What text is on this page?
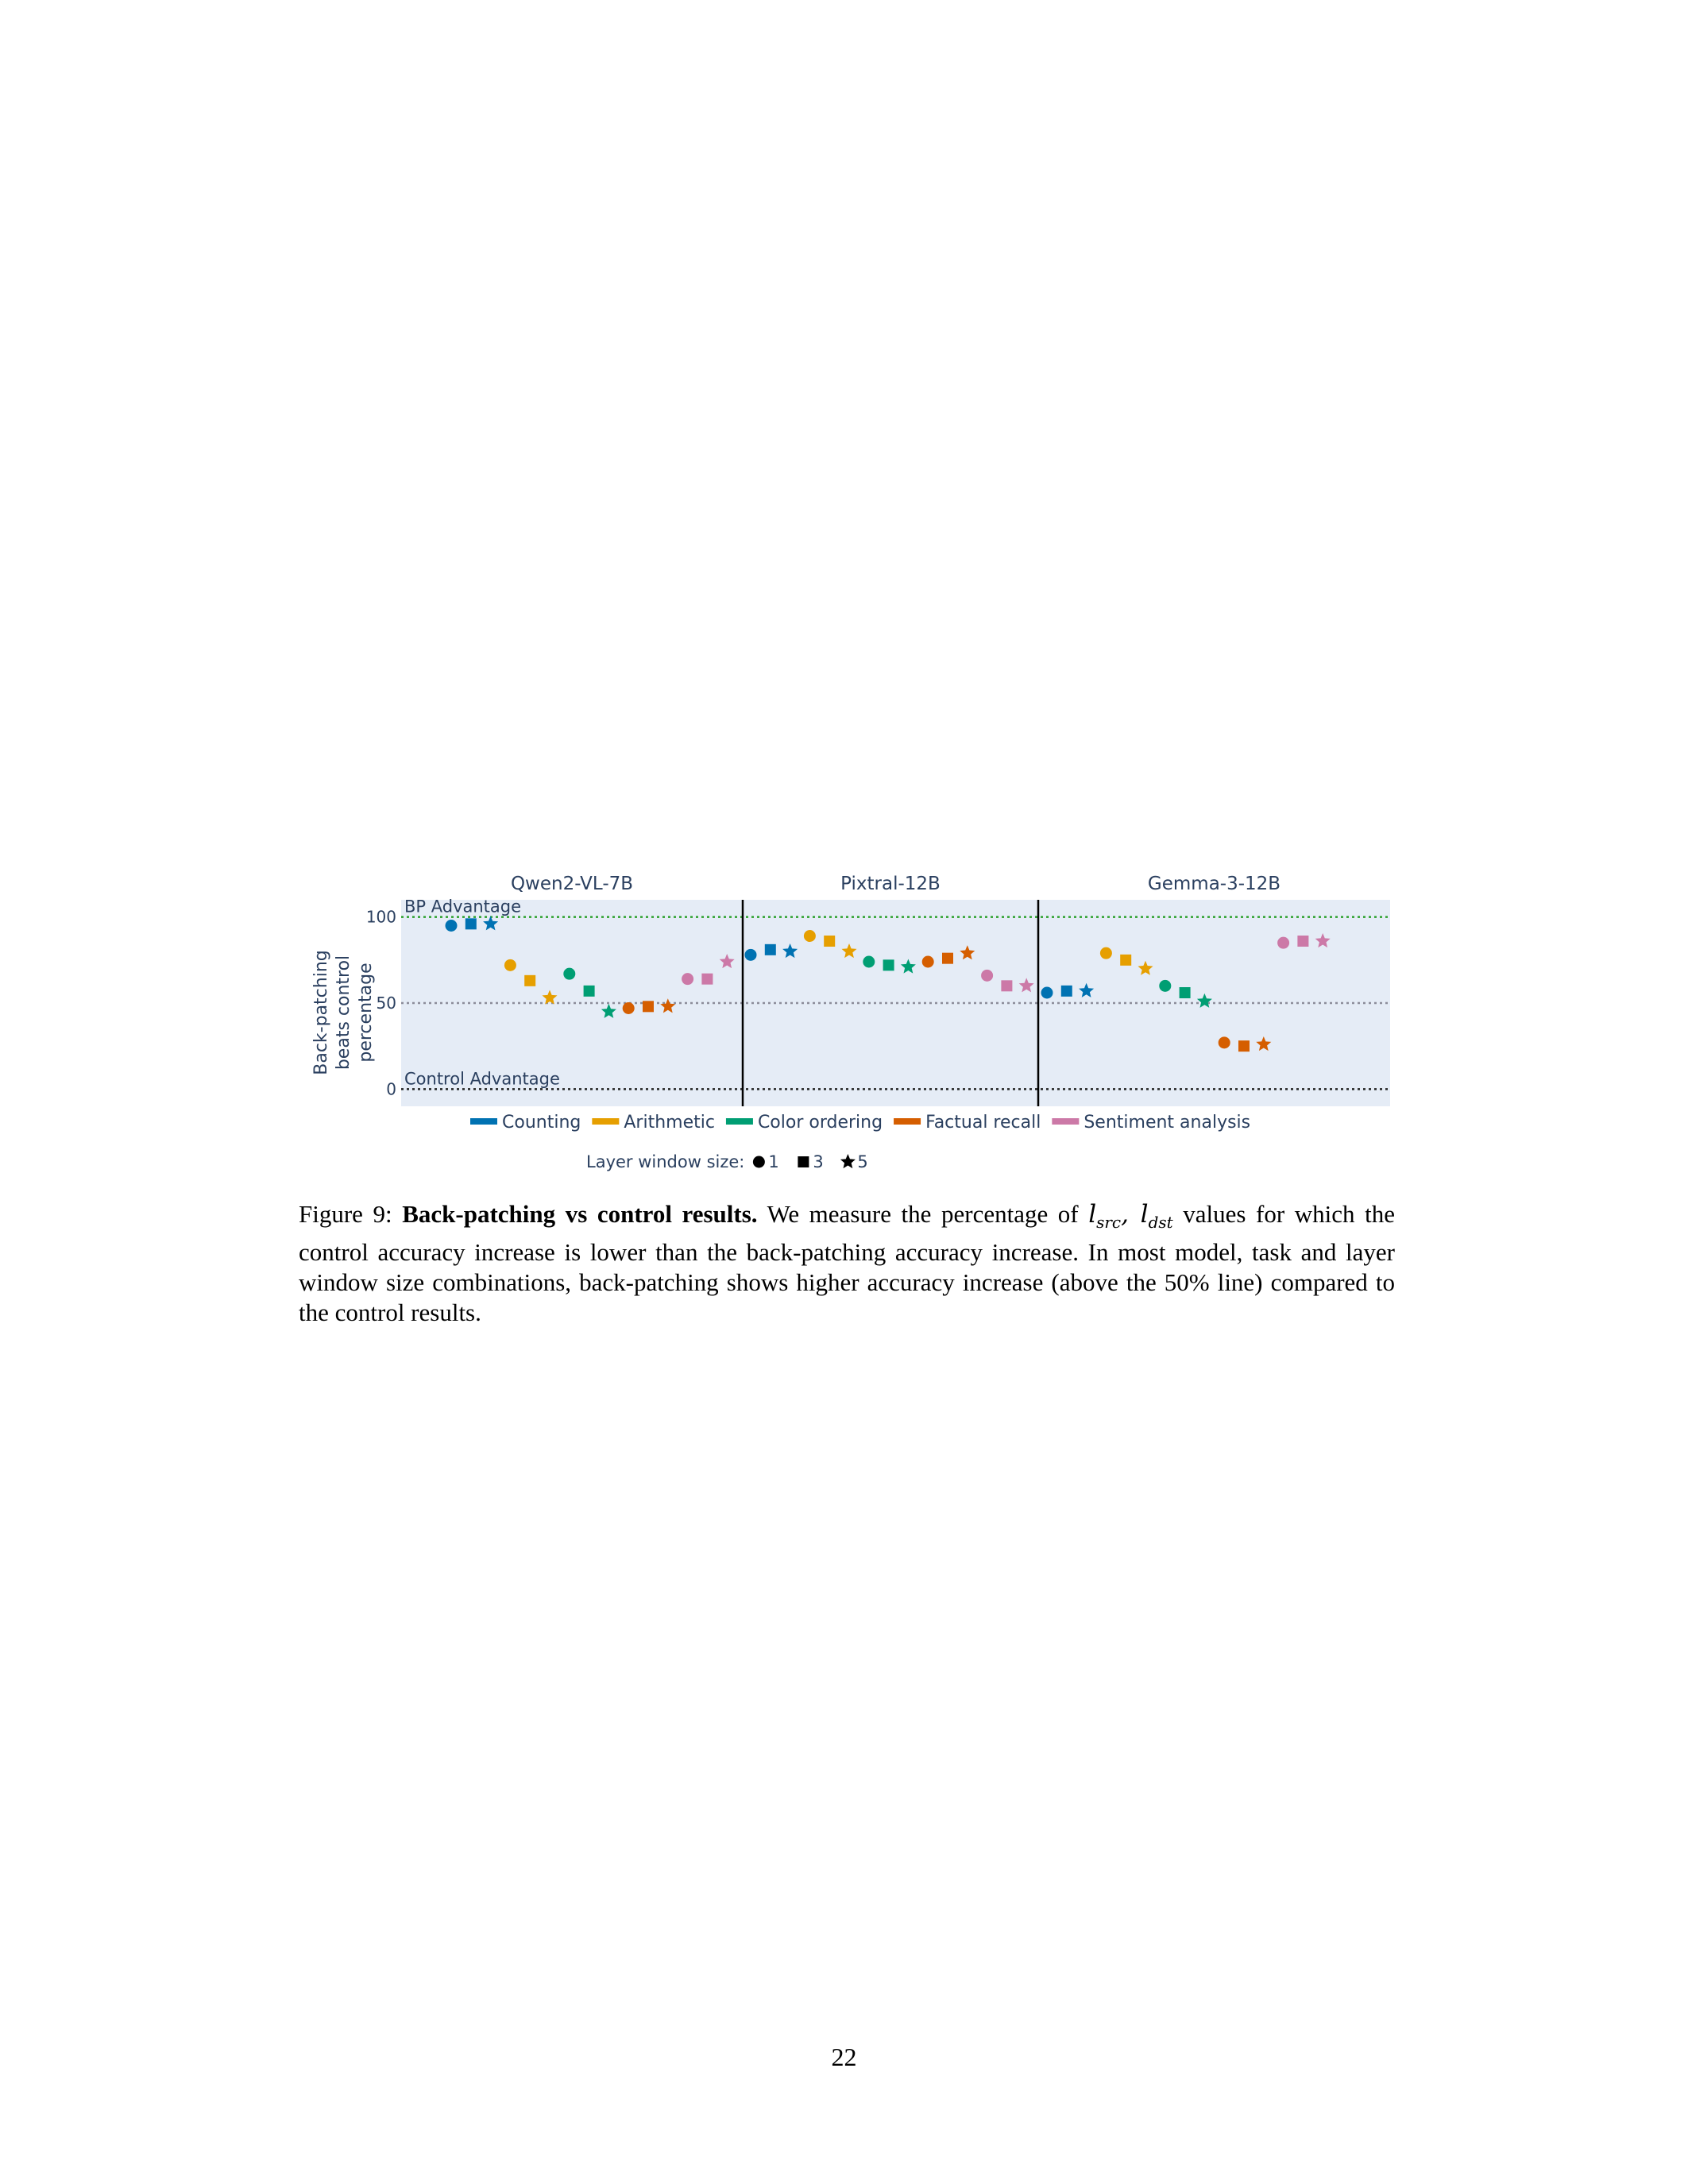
BP Advantage
Control Advantage
0
50
100
Back-patching beats control percentage
Qwen2-VL-7B	Pixtral-12B	Gemma-3-12B
Counting Arithmetic Color ordering Factual recall Sentiment analysis
Layer window size: 1 3 5
Figure 9: Back-patching vs control results. We measure the percentage of $l_{src}$, $l_{dst}$ values for which the control accuracy increase is lower than the back-patching accuracy increase. In most model, task and layer window size combinations, back-patching shows higher accuracy increase (above the 50% line) compared to the control results.
22
